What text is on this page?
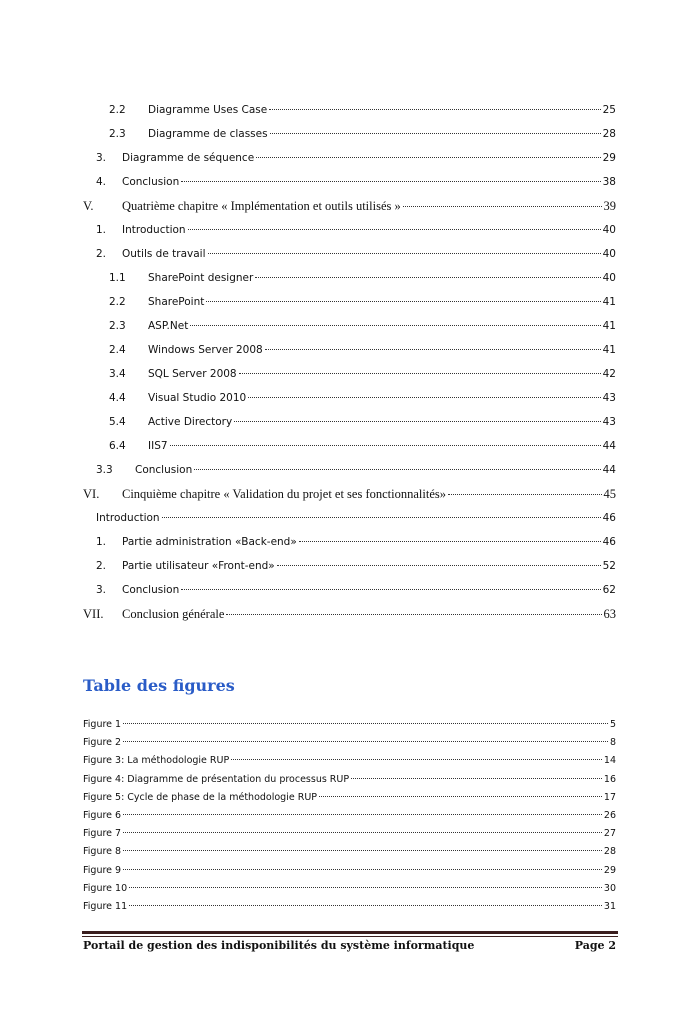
2.2 Diagramme Uses Case	25
2.3 Diagramme de classes	28
3. Diagramme de séquence	29
4. Conclusion	38
V. Quatrième chapitre « Implémentation et outils utilisés »	39
1. Introduction	40
2. Outils de travail	40
1.1 SharePoint designer	40
2.2 SharePoint	41
2.3 ASP.Net	41
2.4 Windows Server 2008	41
3.4 SQL Server 2008	42
4.4 Visual Studio 2010	43
5.4 Active Directory	43
6.4 IIS7	44
3.3 Conclusion	44
VI. Cinquième chapitre « Validation du projet et ses fonctionnalités»	45
Introduction	46
1. Partie administration «Back-end»	46
2. Partie utilisateur «Front-end»	52
3. Conclusion	62
VII. Conclusion générale	63
Table des figures
Figure 1	5
Figure 2	8
Figure 3: La méthodologie RUP	14
Figure 4: Diagramme de présentation du processus RUP	16
Figure 5: Cycle de phase de la méthodologie RUP	17
Figure 6	26
Figure 7	27
Figure 8	28
Figure 9	29
Figure 10	30
Figure 11	31
Portail de gestion des indisponibilités du système informatique	Page 2
